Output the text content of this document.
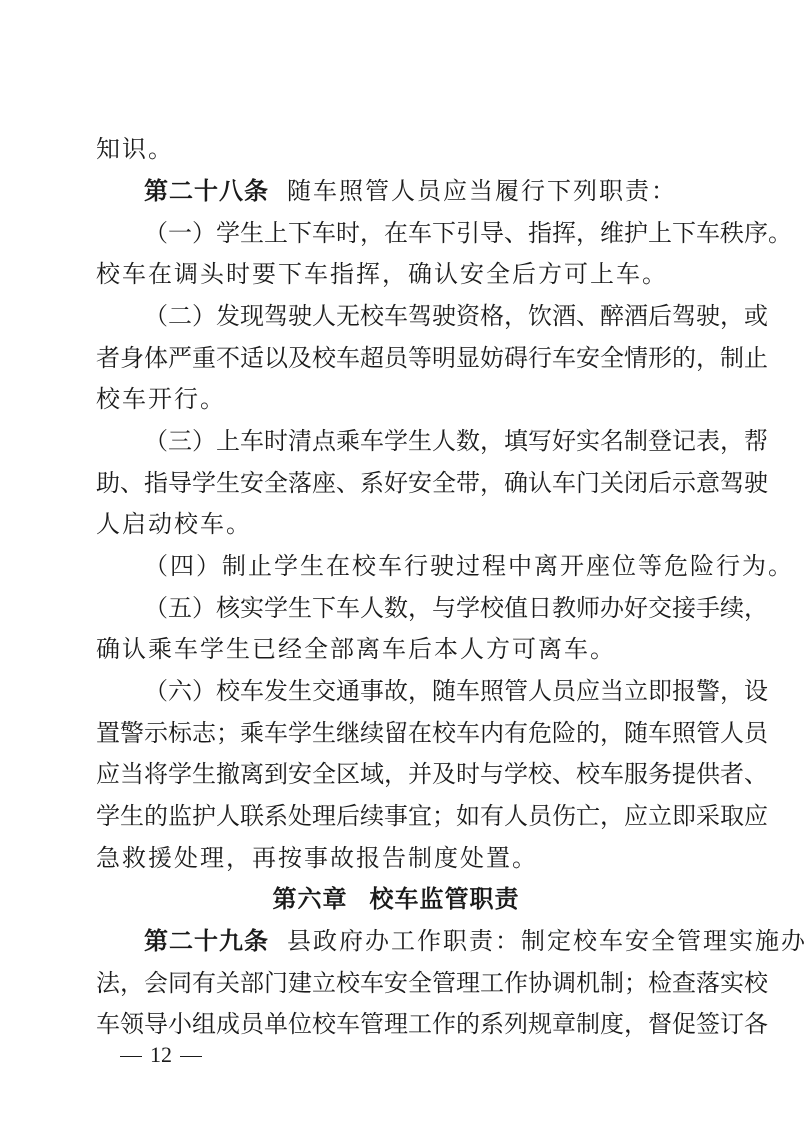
知识。
第二十八条 随车照管人员应当履行下列职责：
（一）学生上下车时，在车下引导、指挥，维护上下车秩序。
校车在调头时要下车指挥，确认安全后方可上车。
（二）发现驾驶人无校车驾驶资格，饮酒、醉酒后驾驶，或
者身体严重不适以及校车超员等明显妨碍行车安全情形的，制止
校车开行。
（三）上车时清点乘车学生人数，填写好实名制登记表，帮
助、指导学生安全落座、系好安全带，确认车门关闭后示意驾驶
人启动校车。
（四）制止学生在校车行驶过程中离开座位等危险行为。
（五）核实学生下车人数，与学校值日教师办好交接手续，
确认乘车学生已经全部离车后本人方可离车。
（六）校车发生交通事故，随车照管人员应当立即报警，设
置警示标志；乘车学生继续留在校车内有危险的，随车照管人员
应当将学生撤离到安全区域，并及时与学校、校车服务提供者、
学生的监护人联系处理后续事宜；如有人员伤亡，应立即采取应
急救援处理，再按事故报告制度处置。
第六章 校车监管职责
第二十九条 县政府办工作职责：制定校车安全管理实施办
法，会同有关部门建立校车安全管理工作协调机制；检查落实校
车领导小组成员单位校车管理工作的系列规章制度，督促签订各
12
